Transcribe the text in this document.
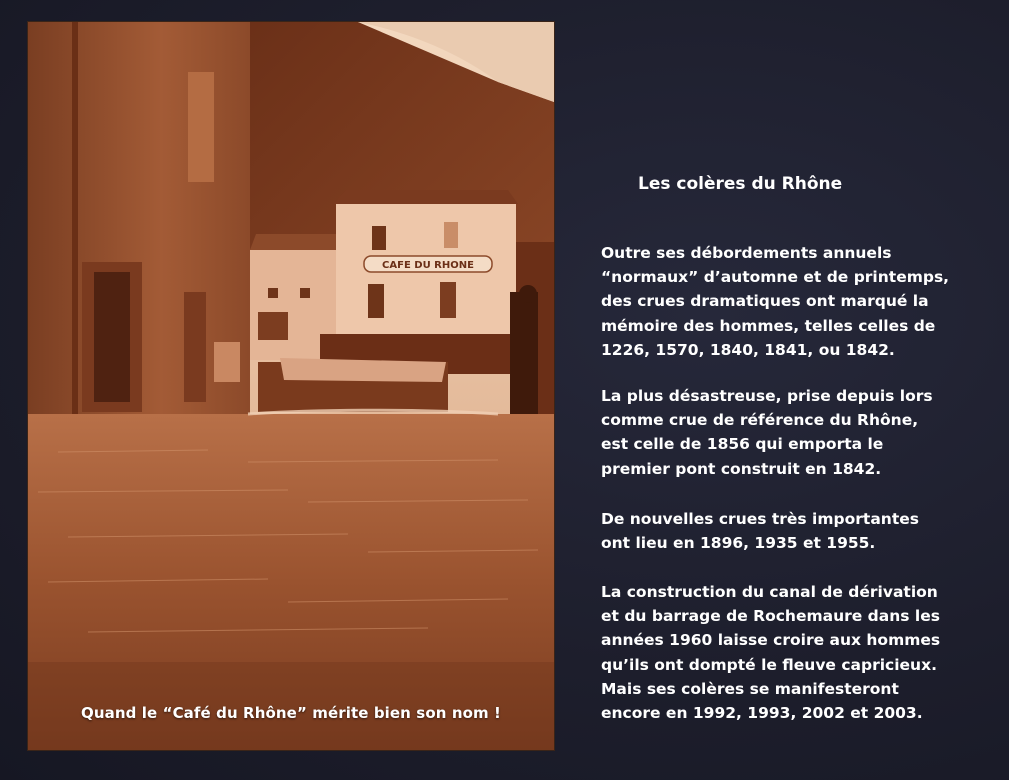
CAFE DU RHONE
Quand le “Café du Rhône” mérite bien son nom !
Les colères du Rhône
Outre ses débordements annuels
“normaux” d’automne et de printemps,
des crues dramatiques ont marqué la
mémoire des hommes, telles celles de
1226, 1570, 1840, 1841, ou 1842.
La plus désastreuse, prise depuis lors
comme crue de référence du Rhône,
est celle de 1856 qui emporta le
premier pont construit en 1842.
De nouvelles crues très importantes
ont lieu en 1896, 1935 et 1955.
La construction du canal de dérivation
et du barrage de Rochemaure dans les
années 1960 laisse croire aux hommes
qu’ils ont dompté le fleuve capricieux.
Mais ses colères se manifesteront
encore en 1992, 1993, 2002 et 2003.
